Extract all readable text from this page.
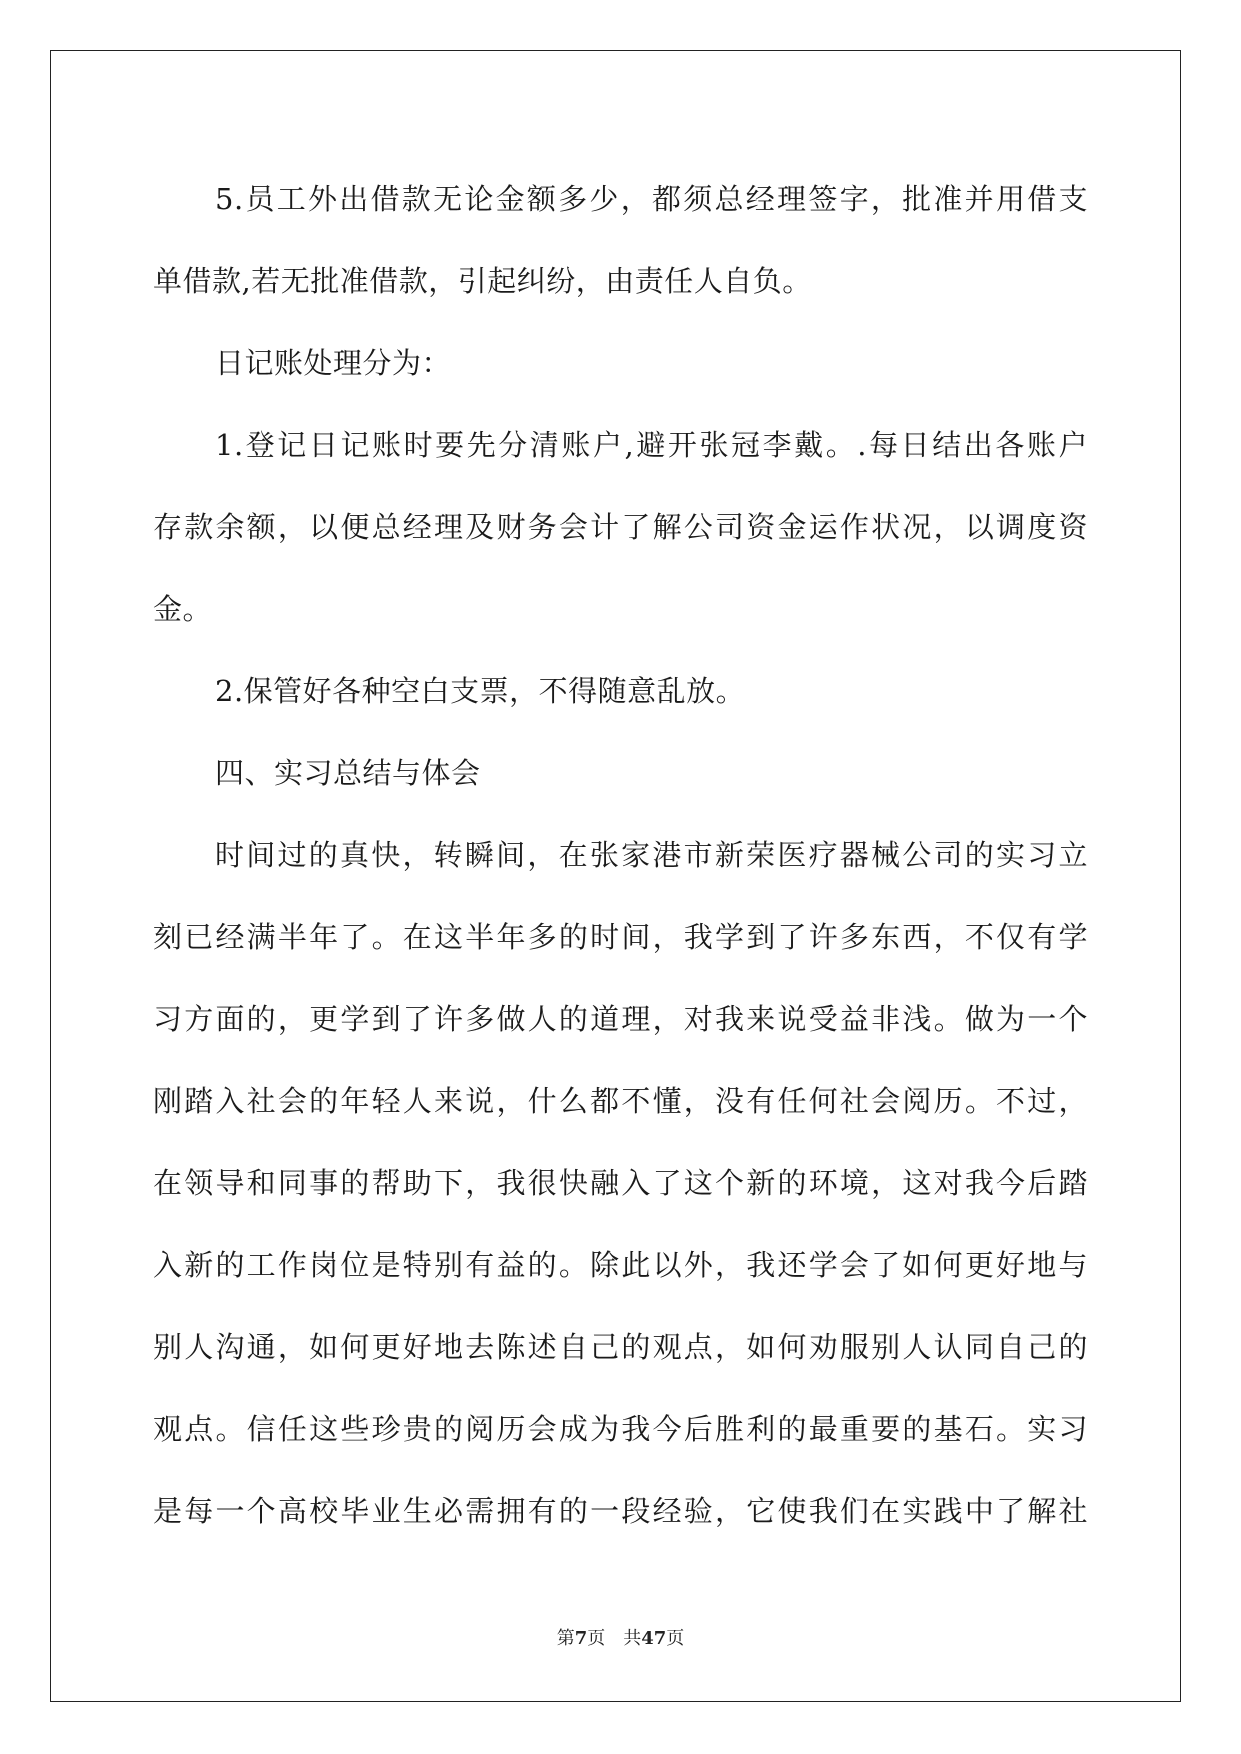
5.员工外出借款无论金额多少，都须总经理签字，批准并用借支
单借款,若无批准借款，引起纠纷，由责任人自负。
日记账处理分为：
1.登记日记账时要先分清账户,避开张冠李戴。.每日结出各账户
存款余额，以便总经理及财务会计了解公司资金运作状况，以调度资
金。
2.保管好各种空白支票，不得随意乱放。
四、实习总结与体会
时间过的真快，转瞬间，在张家港市新荣医疗器械公司的实习立
刻已经满半年了。在这半年多的时间，我学到了许多东西，不仅有学
习方面的，更学到了许多做人的道理，对我来说受益非浅。做为一个
刚踏入社会的年轻人来说，什么都不懂，没有任何社会阅历。不过，
在领导和同事的帮助下，我很快融入了这个新的环境，这对我今后踏
入新的工作岗位是特别有益的。除此以外，我还学会了如何更好地与
别人沟通，如何更好地去陈述自己的观点，如何劝服别人认同自己的
观点。信任这些珍贵的阅历会成为我今后胜利的最重要的基石。实习
是每一个高校毕业生必需拥有的一段经验，它使我们在实践中了解社
第7页　共47页
